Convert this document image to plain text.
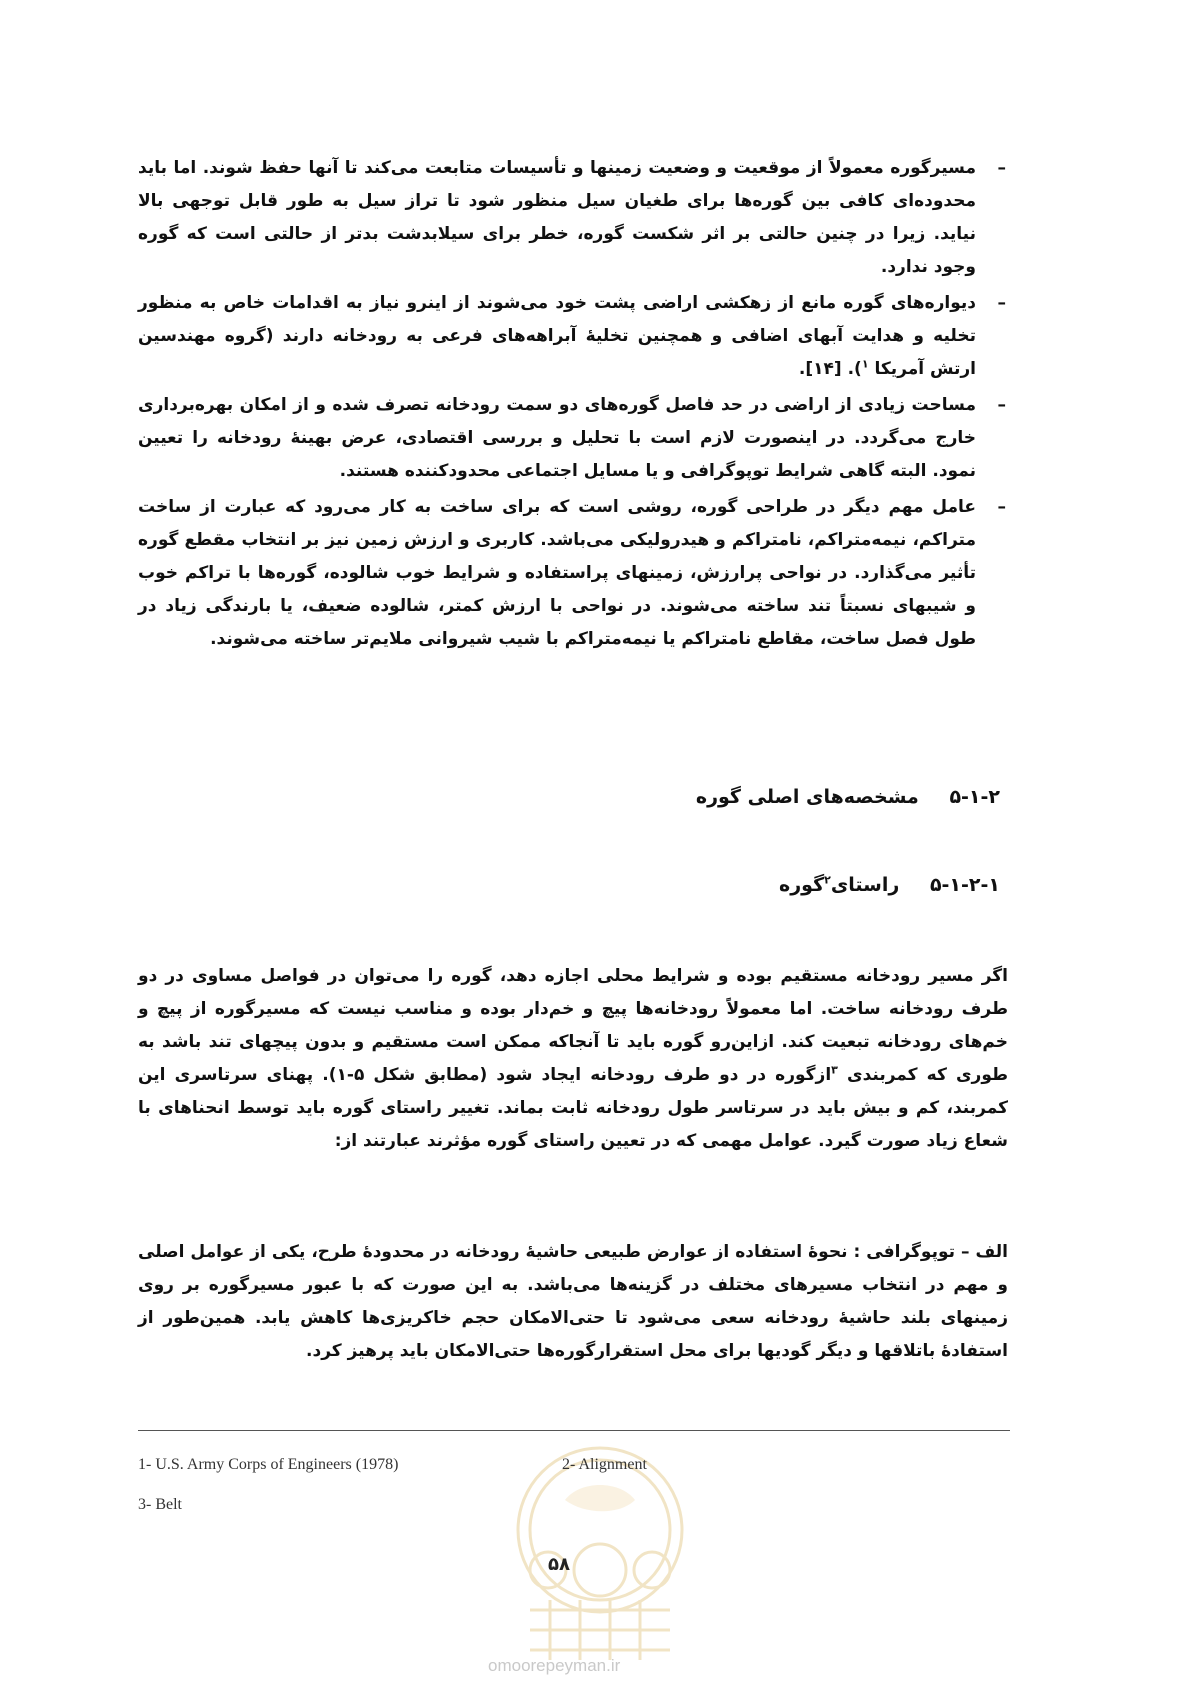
–
مسیرگوره معمولاً از موقعیت و وضعیت زمینها و تأسیسات متابعت می‌کند تا آنها حفظ شوند. اما باید محدوده‌ای کافی بین گوره‌ها برای طغیان سیل منظور شود تا تراز سیل به طور قابل توجهی بالا نیاید. زیرا در چنین حالتی بر اثر شکست گوره، خطر برای سیلابدشت بدتر از حالتی است که گوره وجود ندارد.
–
دیواره‌های گوره مانع از زهکشی اراضی پشت خود می‌شوند از اینرو نیاز به اقدامات خاص به منظور تخلیه و هدایت آبهای اضافی و همچنین تخلیهٔ آبراهه‌های فرعی به رودخانه دارند (گروه مهندسین ارتش آمریکا $^۱$). [۱۴].
–
مساحت زیادی از اراضی در حد فاصل گوره‌های دو سمت رودخانه تصرف شده و از امکان بهره‌برداری خارج می‌گردد. در اینصورت لازم است با تحلیل و بررسی اقتصادی، عرض بهینهٔ رودخانه را تعیین نمود. البته گاهی شرایط توپوگرافی و یا مسایل اجتماعی محدودکننده هستند.
–
عامل مهم دیگر در طراحی گوره، روشی است که برای ساخت به کار می‌رود که عبارت از ساخت متراکم، نیمه‌متراکم، نامتراکم و هیدرولیکی می‌باشد. کاربری و ارزش زمین نیز بر انتخاب مقطع گوره تأثیر می‌گذارد. در نواحی پرارزش، زمینهای پراستفاده و شرایط خوب شالوده، گوره‌ها با تراکم خوب و شیبهای نسبتاً تند ساخته می‌شوند. در نواحی با ارزش کمتر، شالوده ضعیف، یا بارندگی زیاد در طول فصل ساخت، مقاطع نامتراکم یا نیمه‌متراکم با شیب شیروانی ملایم‌تر ساخته می‌شوند.
۵-۱-۲ مشخصه‌های اصلی گوره
۵-۱-۲-۱ راستای$^۲$گوره
اگر مسیر رودخانه مستقیم بوده و شرایط محلی اجازه دهد، گوره را می‌توان در فواصل مساوی در دو طرف رودخانه ساخت. اما معمولاً رودخانه‌ها پیچ و خم‌دار بوده و مناسب نیست که مسیرگوره از پیچ و خم‌های رودخانه تبعیت کند. ازاین‌رو گوره باید تا آنجاکه ممکن است مستقیم و بدون پیچهای تند باشد به طوری که کمربندی $^۳$ازگوره در دو طرف رودخانه ایجاد شود (مطابق شکل ۵-۱). پهنای سرتاسری این کمربند، کم و بیش باید در سرتاسر طول رودخانه ثابت بماند. تغییر راستای گوره باید توسط انحناهای با شعاع زیاد صورت گیرد. عوامل مهمی که در تعیین راستای گوره مؤثرند عبارتند از:
الف – توپوگرافی : نحوهٔ استفاده از عوارض طبیعی حاشیهٔ رودخانه در محدودهٔ طرح، یکی از عوامل اصلی و مهم در انتخاب مسیرهای مختلف در گزینه‌ها می‌باشد. به این صورت که با عبور مسیرگوره بر روی زمینهای بلند حاشیهٔ رودخانه سعی می‌شود تا حتی‌الامکان حجم خاکریزی‌ها کاهش یابد. همین‌طور از استفادهٔ باتلاقها و دیگر گودیها برای محل استقرارگوره‌ها حتی‌الامکان باید پرهیز کرد.
1- U.S. Army Corps of Engineers (1978)	2- Alignment
3- Belt
۵۸
omoorepeyman.ir
